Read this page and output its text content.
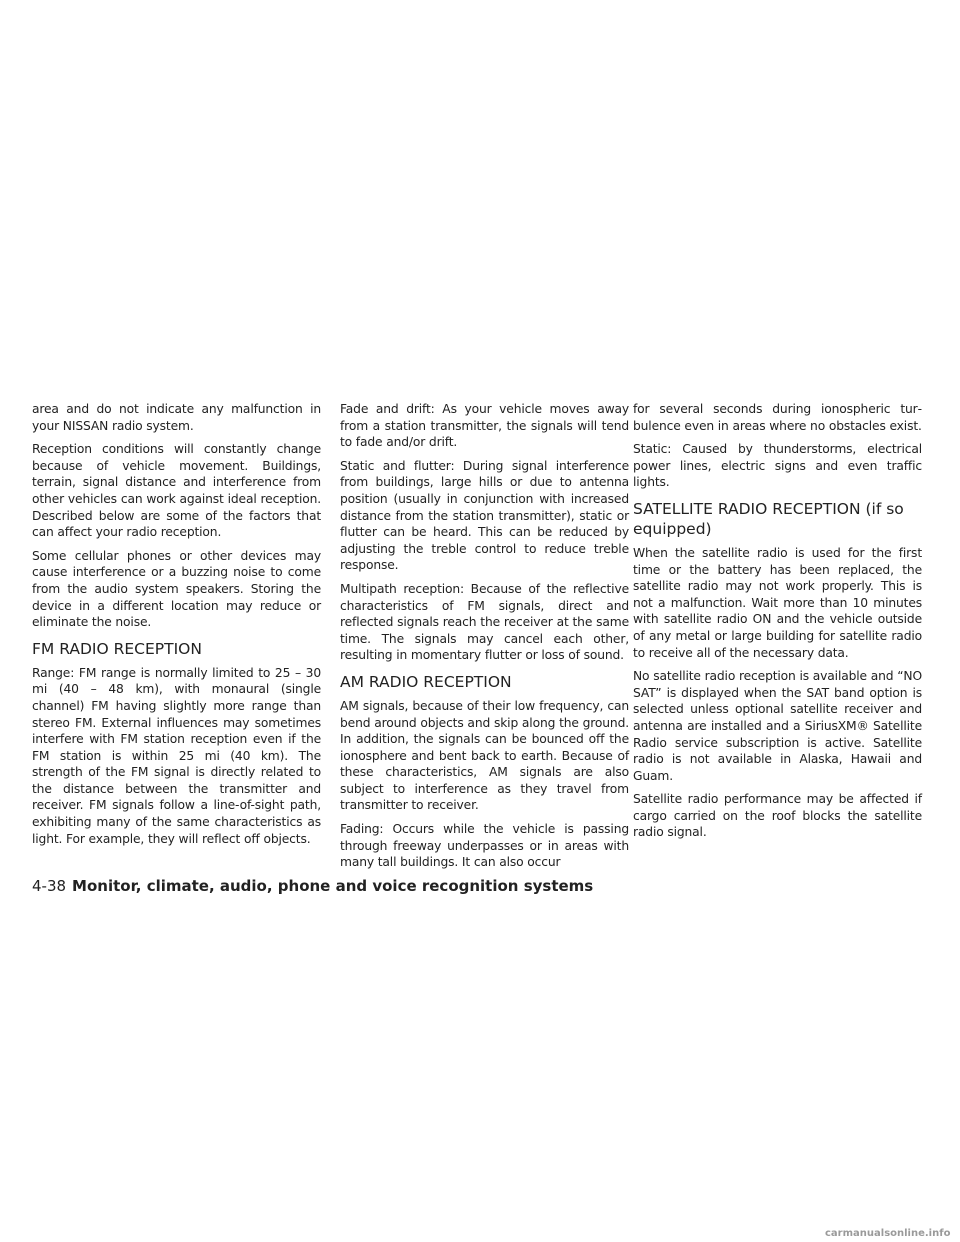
area and do not indicate any malfunction in your NISSAN radio system.

Reception conditions will constantly change because of vehicle movement. Buildings, terrain, signal distance and interference from other vehicles can work against ideal reception. Described below are some of the factors that can affect your radio reception.

Some cellular phones or other devices may cause interference or a buzzing noise to come from the audio system speakers. Storing the device in a different location may reduce or eliminate the noise.

FM RADIO RECEPTION

Range: FM range is normally limited to 25 – 30 mi (40 – 48 km), with monaural (single channel) FM having slightly more range than stereo FM. External influences may sometimes interfere with FM station reception even if the FM station is within 25 mi (40 km). The strength of the FM signal is directly related to the distance between the transmitter and receiver. FM signals follow a line-of-sight path, exhibiting many of the same characteristics as light. For example, they will reflect off objects.

Fade and drift: As your vehicle moves away from a station transmitter, the signals will tend to fade and/or drift.

Static and flutter: During signal interference from buildings, large hills or due to antenna position (usually in conjunction with increased distance from the station transmitter), static or flutter can be heard. This can be reduced by adjusting the treble control to reduce treble response.

Multipath reception: Because of the reflective characteristics of FM signals, direct and reflected signals reach the receiver at the same time. The signals may cancel each other, resulting in momentary flutter or loss of sound.

AM RADIO RECEPTION

AM signals, because of their low frequency, can bend around objects and skip along the ground. In addition, the signals can be bounced off the ionosphere and bent back to earth. Because of these characteristics, AM signals are also subject to interference as they travel from transmitter to receiver.

Fading: Occurs while the vehicle is passing through freeway underpasses or in areas with many tall buildings. It can also occur

for several seconds during ionospheric turbulence even in areas where no obstacles exist.

Static: Caused by thunderstorms, electrical power lines, electric signs and even traffic lights.

SATELLITE RADIO RECEPTION (if so equipped)

When the satellite radio is used for the first time or the battery has been replaced, the satellite radio may not work properly. This is not a malfunction. Wait more than 10 minutes with satellite radio ON and the vehicle outside of any metal or large building for satellite radio to receive all of the necessary data.

No satellite radio reception is available and “NO SAT” is displayed when the SAT band option is selected unless optional satellite receiver and antenna are installed and a SiriusXM® Satellite Radio service subscription is active. Satellite radio is not available in Alaska, Hawaii and Guam.

Satellite radio performance may be affected if cargo carried on the roof blocks the satellite radio signal.

4-38 Monitor, climate, audio, phone and voice recognition systems
carmanualsonline.info
